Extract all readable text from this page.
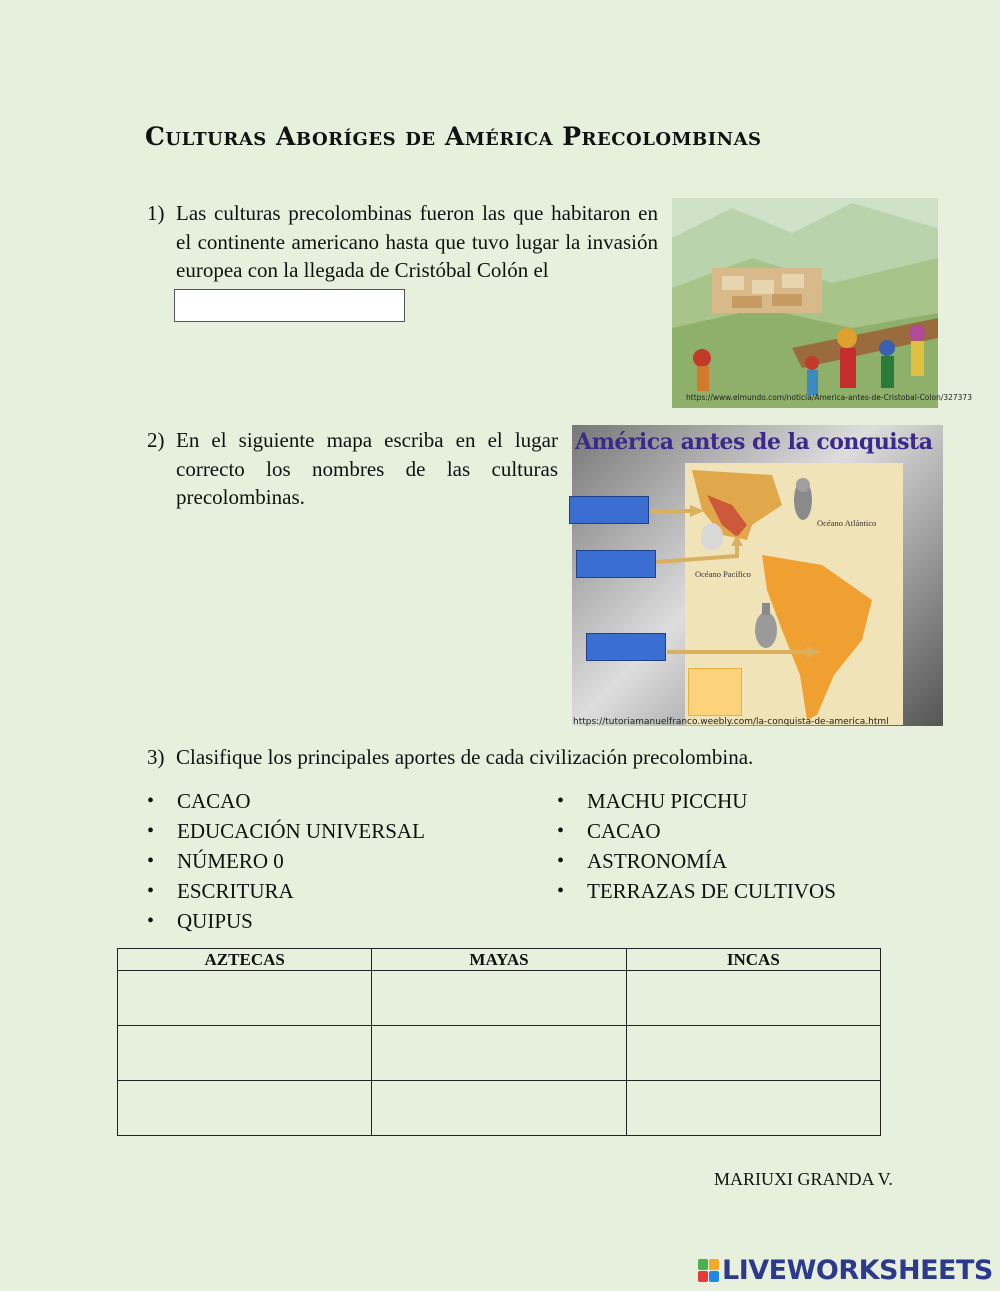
Culturas Aboríges de América Precolombinas
1) Las culturas precolombinas fueron las que habitaron en el continente americano hasta que tuvo lugar la invasión europea con la llegada de Cristóbal Colón el
https://www.elmundo.com/noticia/America-antes-de-Cristobal-Colon/327373
2) En el siguiente mapa escriba en el lugar correcto los nombres de las culturas precolombinas.
Océano Atlántico
Océano Pacífico
América antes de la conquista
https://tutoriamanuelfranco.weebly.com/la-conquista-de-america.html
3) Clasifique los principales aportes de cada civilización precolombina.
• CACAO
• EDUCACIÓN UNIVERSAL
• NÚMERO 0
• ESCRITURA
• QUIPUS
• MACHU PICCHU
• CACAO
• ASTRONOMÍA
• TERRAZAS DE CULTIVOS
AZTECAS	MAYAS	INCAS

MARIUXI GRANDA V.
LIVEWORKSHEETS
